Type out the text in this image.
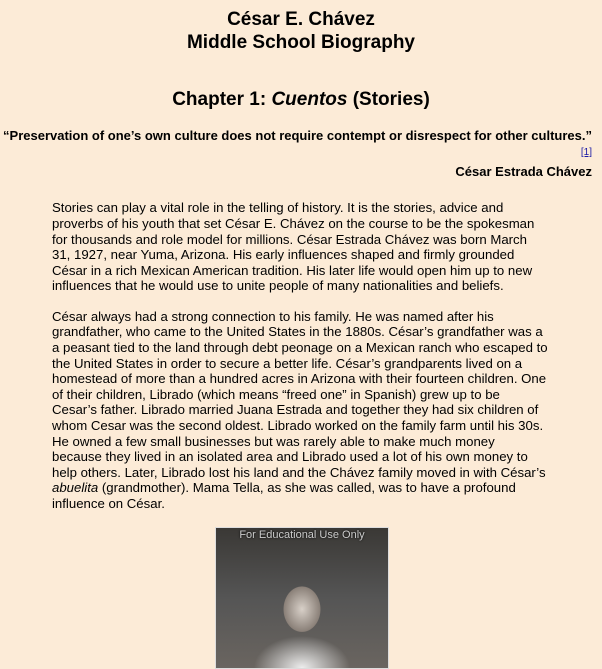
César E. Chávez
Middle School Biography
Chapter 1: Cuentos (Stories)
“Preservation of one’s own culture does not require contempt or disrespect for other cultures.” [1]
César Estrada Chávez

Stories can play a vital role in the telling of history. It is the stories, advice and proverbs of his youth that set César E. Chávez on the course to be the spokesman for thousands and role model for millions. César Estrada Chávez was born March 31, 1927, near Yuma, Arizona. His early influences shaped and firmly grounded César in a rich Mexican American tradition. His later life would open him up to new influences that he would use to unite people of many nationalities and beliefs.

César always had a strong connection to his family. He was named after his grandfather, who came to the United States in the 1880s. César’s grandfather was a a peasant tied to the land through debt peonage on a Mexican ranch who escaped to the United States in order to secure a better life. César’s grandparents lived on a homestead of more than a hundred acres in Arizona with their fourteen children. One of their children, Librado (which means “freed one” in Spanish) grew up to be Cesar’s father. Librado married Juana Estrada and together they had six children of whom Cesar was the second oldest. Librado worked on the family farm until his 30s. He owned a few small businesses but was rarely able to make much money because they lived in an isolated area and Librado used a lot of his own money to help others. Later, Librado lost his land and the Chávez family moved in with César’s abuelita (grandmother). Mama Tella, as she was called, was to have a profound influence on César.

For Educational Use Only
